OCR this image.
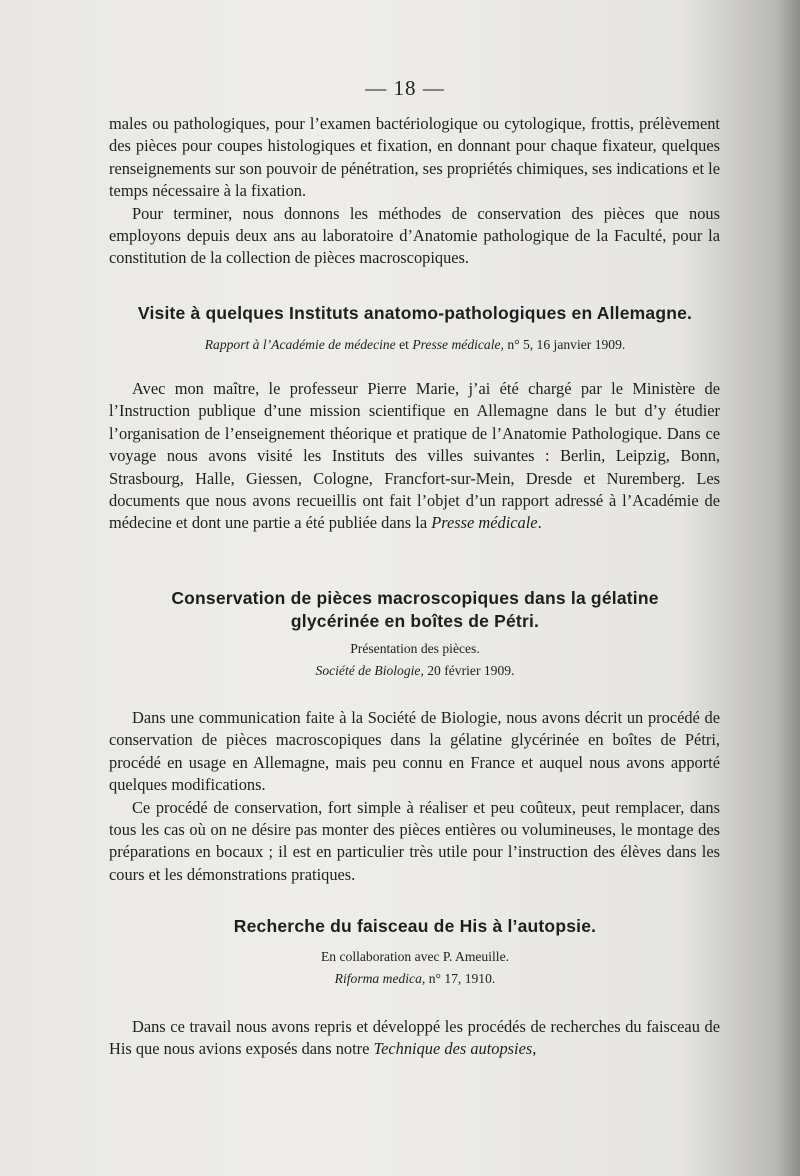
— 18 —

males ou pathologiques, pour l’examen bactériologique ou cytologique, frottis, prélèvement des pièces pour coupes histologiques et fixation, en donnant pour chaque fixateur, quelques renseignements sur son pouvoir de pénétration, ses propriétés chimiques, ses indications et le temps nécessaire à la fixation.

Pour terminer, nous donnons les méthodes de conservation des pièces que nous employons depuis deux ans au laboratoire d’Anatomie pathologique de la Faculté, pour la constitution de la collection de pièces macroscopiques.

Visite à quelques Instituts anatomo-pathologiques en Allemagne.
Rapport à l’Académie de médecine et Presse médicale, n° 5, 16 janvier 1909.

Avec mon maître, le professeur Pierre Marie, j’ai été chargé par le Ministère de l’Instruction publique d’une mission scientifique en Allemagne dans le but d’y étudier l’organisation de l’enseignement théorique et pratique de l’Anatomie Pathologique. Dans ce voyage nous avons visité les Instituts des villes suivantes : Berlin, Leipzig, Bonn, Strasbourg, Halle, Giessen, Cologne, Francfort-sur-Mein, Dresde et Nuremberg. Les documents que nous avons recueillis ont fait l’objet d’un rapport adressé à l’Académie de médecine et dont une partie a été publiée dans la Presse médicale.

Conservation de pièces macroscopiques dans la gélatine
glycérinée en boîtes de Pétri.
Présentation des pièces.
Société de Biologie, 20 février 1909.

Dans une communication faite à la Société de Biologie, nous avons décrit un procédé de conservation de pièces macroscopiques dans la gélatine glycérinée en boîtes de Pétri, procédé en usage en Allemagne, mais peu connu en France et auquel nous avons apporté quelques modifications.

Ce procédé de conservation, fort simple à réaliser et peu coûteux, peut remplacer, dans tous les cas où on ne désire pas monter des pièces entières ou volumineuses, le montage des préparations en bocaux ; il est en particulier très utile pour l’instruction des élèves dans les cours et les démonstrations pratiques.

Recherche du faisceau de His à l’autopsie.
En collaboration avec P. Ameuille.
Riforma medica, n° 17, 1910.

Dans ce travail nous avons repris et développé les procédés de recherches du faisceau de His que nous avions exposés dans notre Technique des autopsies,
